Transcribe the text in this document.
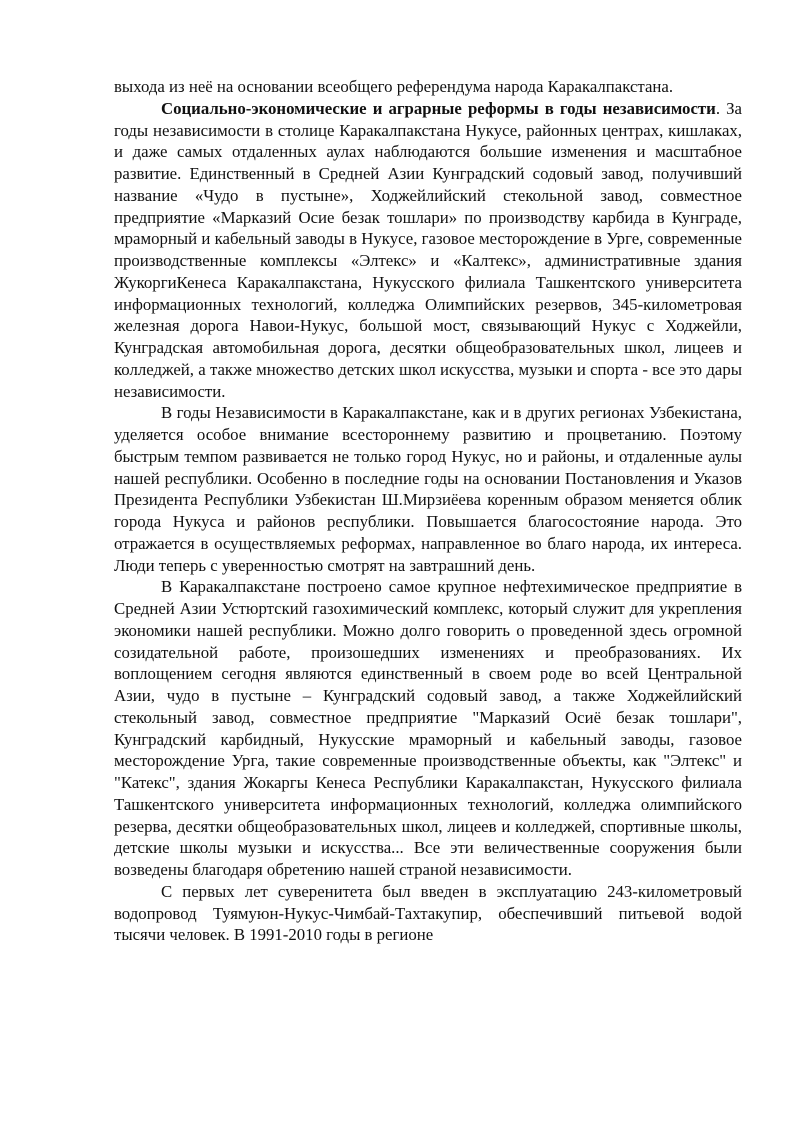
выхода из неё на основании всеобщего референдума народа Каракалпакстана.

Социально-экономические и аграрные реформы в годы независимости. За годы независимости в столице Каракалпакстана Нукусе, районных центрах, кишлаках, и даже самых отдаленных аулах наблюдаются большие изменения и масштабное развитие. Единственный в Средней Азии Кунградский содовый завод, получивший название «Чудо в пустыне», Ходжейлийский стекольной завод, совместное предприятие «Марказий Осие безак тошлари» по производству карбида в Кунграде, мраморный и кабельный заводы в Нукусе, газовое месторождение в Урге, современные производственные комплексы «Элтекс» и «Калтекс», административные здания ЖукоргиКенеса Каракалпакстана, Нукусского филиала Ташкентского университета информационных технологий, колледжа Олимпийских резервов, 345-километровая железная дорога Навои-Нукус, большой мост, связывающий Нукус с Ходжейли, Кунградская автомобильная дорога, десятки общеобразовательных школ, лицеев и колледжей, а также множество детских школ искусства, музыки и спорта - все это дары независимости.

В годы Независимости в Каракалпакстане, как и в других регионах Узбекистана, уделяется особое внимание всестороннему развитию и процветанию. Поэтому быстрым темпом развивается не только город Нукус, но и районы, и отдаленные аулы нашей республики. Особенно в последние годы на основании Постановления и Указов Президента Республики Узбекистан Ш.Мирзиёева коренным образом меняется облик города Нукуса и районов республики. Повышается благосостояние народа. Это отражается в осуществляемых реформах, направленное во благо народа, их интереса. Люди теперь с уверенностью смотрят на завтрашний день.

В Каракалпакстане построено самое крупное нефтехимическое предприятие в Средней Азии Устюртский газохимический комплекс, который служит для укрепления экономики нашей республики. Можно долго говорить о проведенной здесь огромной созидательной работе, произошедших изменениях и преобразованиях. Их воплощением сегодня являются единственный в своем роде во всей Центральной Азии, чудо в пустыне – Кунградский содовый завод, а также Ходжейлийский стекольный завод, совместное предприятие "Марказий Осиё безак тошлари", Кунградский карбидный, Нукусские мраморный и кабельный заводы, газовое месторождение Урга, такие современные производственные объекты, как "Элтекс" и "Катекс", здания Жокаргы Кенеса Республики Каракалпакстан, Нукусского филиала Ташкентского университета информационных технологий, колледжа олимпийского резерва, десятки общеобразовательных школ, лицеев и колледжей, спортивные школы, детские школы музыки и искусства... Все эти величественные сооружения были возведены благодаря обретению нашей страной независимости.

С первых лет суверенитета был введен в эксплуатацию 243-километровый водопровод Туямуюн-Нукус-Чимбай-Тахтакупир, обеспечивший питьевой водой тысячи человек. В 1991-2010 годы в регионе
